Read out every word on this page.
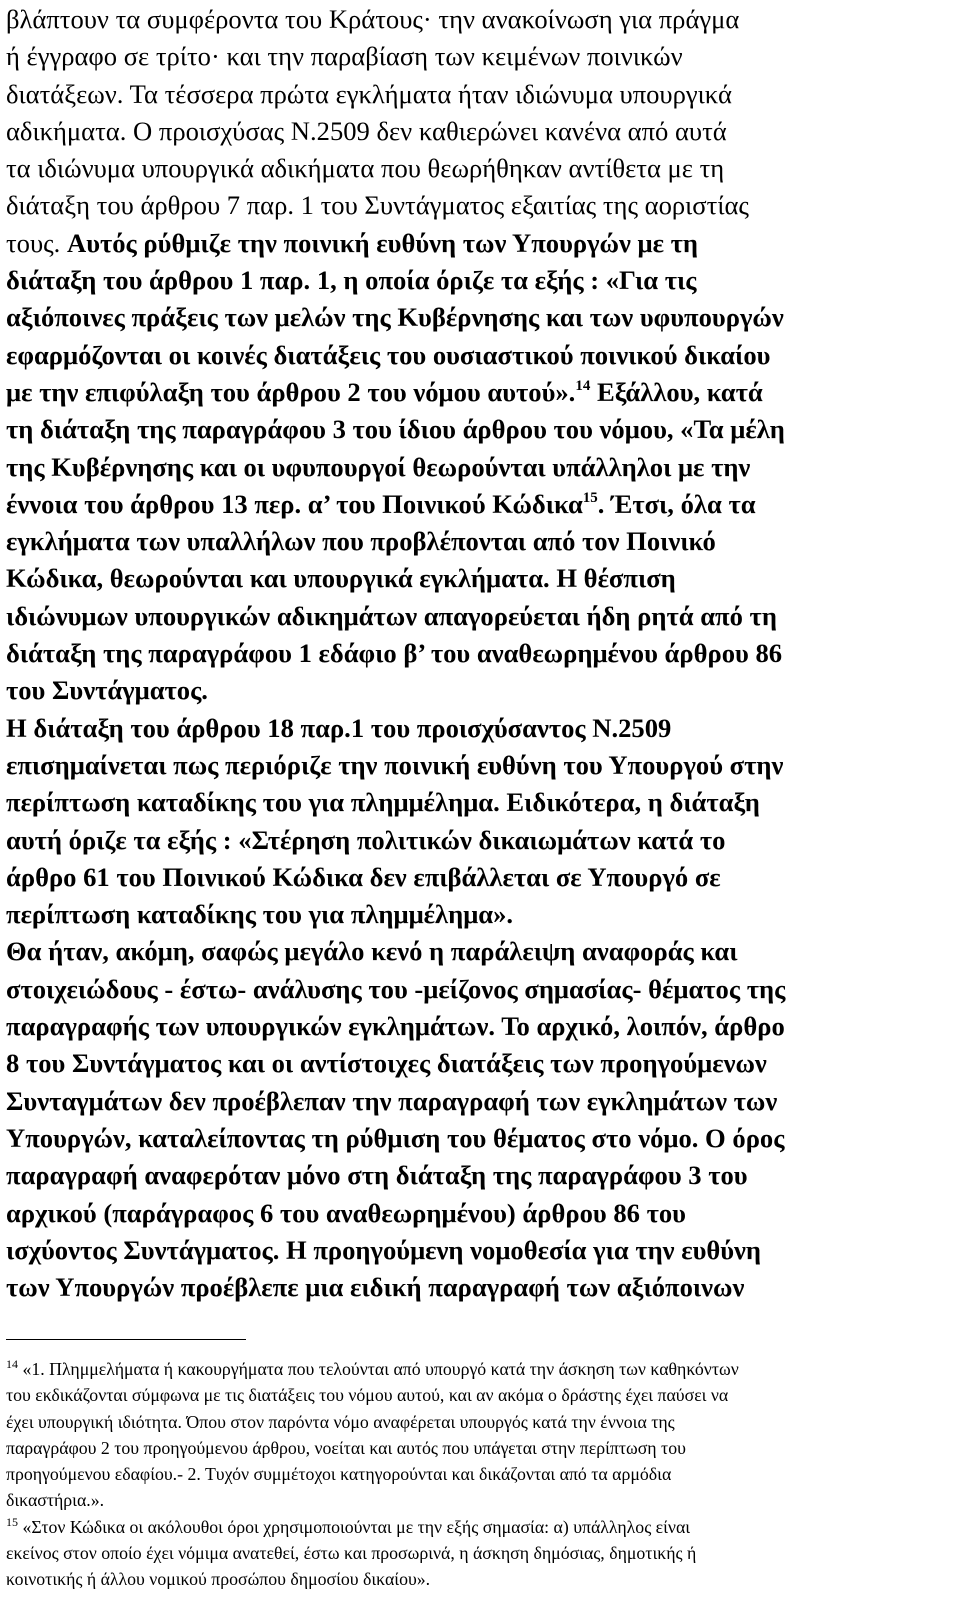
βλάπτουν τα συμφέροντα του Κράτους· την ανακοίνωση για πράγμα
ή έγγραφο σε τρίτο· και την παραβίαση των κειμένων ποινικών
διατάξεων. Τα τέσσερα πρώτα εγκλήματα ήταν ιδιώνυμα υπουργικά
αδικήματα. Ο προισχύσας Ν.2509 δεν καθιερώνει κανένα από αυτά
τα ιδιώνυμα υπουργικά αδικήματα που θεωρήθηκαν αντίθετα με τη
διάταξη του άρθρου 7 παρ. 1 του Συντάγματος εξαιτίας της αοριστίας
τους. Αυτός ρύθμιζε την ποινική ευθύνη των Υπουργών με τη
διάταξη του άρθρου 1 παρ. 1, η οποία όριζε τα εξής : «Για τις
αξιόποινες πράξεις των μελών της Κυβέρνησης και των υφυπουργών
εφαρμόζονται οι κοινές διατάξεις του ουσιαστικού ποινικού δικαίου
με την επιφύλαξη του άρθρου 2 του νόμου αυτού».$^{14}$ Εξάλλου, κατά
τη διάταξη της παραγράφου 3 του ίδιου άρθρου του νόμου, «Τα μέλη
της Κυβέρνησης και οι υφυπουργοί θεωρούνται υπάλληλοι με την
έννοια του άρθρου 13 περ. α’ του Ποινικού Κώδικα$^{15}$. Έτσι, όλα τα
εγκλήματα των υπαλλήλων που προβλέπονται από τον Ποινικό
Κώδικα, θεωρούνται και υπουργικά εγκλήματα. Η θέσπιση
ιδιώνυμων υπουργικών αδικημάτων απαγορεύεται ήδη ρητά από τη
διάταξη της παραγράφου 1 εδάφιο β’ του αναθεωρημένου άρθρου 86
του Συντάγματος.
Η διάταξη του άρθρου 18 παρ.1 του προισχύσαντος Ν.2509
επισημαίνεται πως περιόριζε την ποινική ευθύνη του Υπουργού στην
περίπτωση καταδίκης του για πλημμέλημα. Ειδικότερα, η διάταξη
αυτή όριζε τα εξής : «Στέρηση πολιτικών δικαιωμάτων κατά το
άρθρο 61 του Ποινικού Κώδικα δεν επιβάλλεται σε Υπουργό σε
περίπτωση καταδίκης του για πλημμέλημα».
Θα ήταν, ακόμη, σαφώς μεγάλο κενό η παράλειψη αναφοράς και
στοιχειώδους - έστω- ανάλυσης του -μείζονος σημασίας- θέματος της
παραγραφής των υπουργικών εγκλημάτων. Το αρχικό, λοιπόν, άρθρο
8 του Συντάγματος και οι αντίστοιχες διατάξεις των προηγούμενων
Συνταγμάτων δεν προέβλεπαν την παραγραφή των εγκλημάτων των
Υπουργών, καταλείποντας τη ρύθμιση του θέματος στο νόμο. Ο όρος
παραγραφή αναφερόταν μόνο στη διάταξη της παραγράφου 3 του
αρχικού (παράγραφος 6 του αναθεωρημένου) άρθρου 86 του
ισχύοντος Συντάγματος. Η προηγούμενη νομοθεσία για την ευθύνη
των Υπουργών προέβλεπε μια ειδική παραγραφή των αξιόποινων
$^{14}$ «1. Πλημμελήματα ή κακουργήματα που τελούνται από υπουργό κατά την άσκηση των καθηκόντων
του εκδικάζονται σύμφωνα με τις διατάξεις του νόμου αυτού, και αν ακόμα ο δράστης έχει παύσει να
έχει υπουργική ιδιότητα. Όπου στον παρόντα νόμο αναφέρεται υπουργός κατά την έννοια της
παραγράφου 2 του προηγούμενου άρθρου, νοείται και αυτός που υπάγεται στην περίπτωση του
προηγούμενου εδαφίου.- 2. Τυχόν συμμέτοχοι κατηγορούνται και δικάζονται από τα αρμόδια
δικαστήρια.».
$^{15}$ «Στον Κώδικα οι ακόλουθοι όροι χρησιμοποιούνται με την εξής σημασία: α) υπάλληλος είναι
εκείνος στον οποίο έχει νόμιμα ανατεθεί, έστω και προσωρινά, η άσκηση δημόσιας, δημοτικής ή
κοινοτικής ή άλλου νομικού προσώπου δημοσίου δικαίου».
